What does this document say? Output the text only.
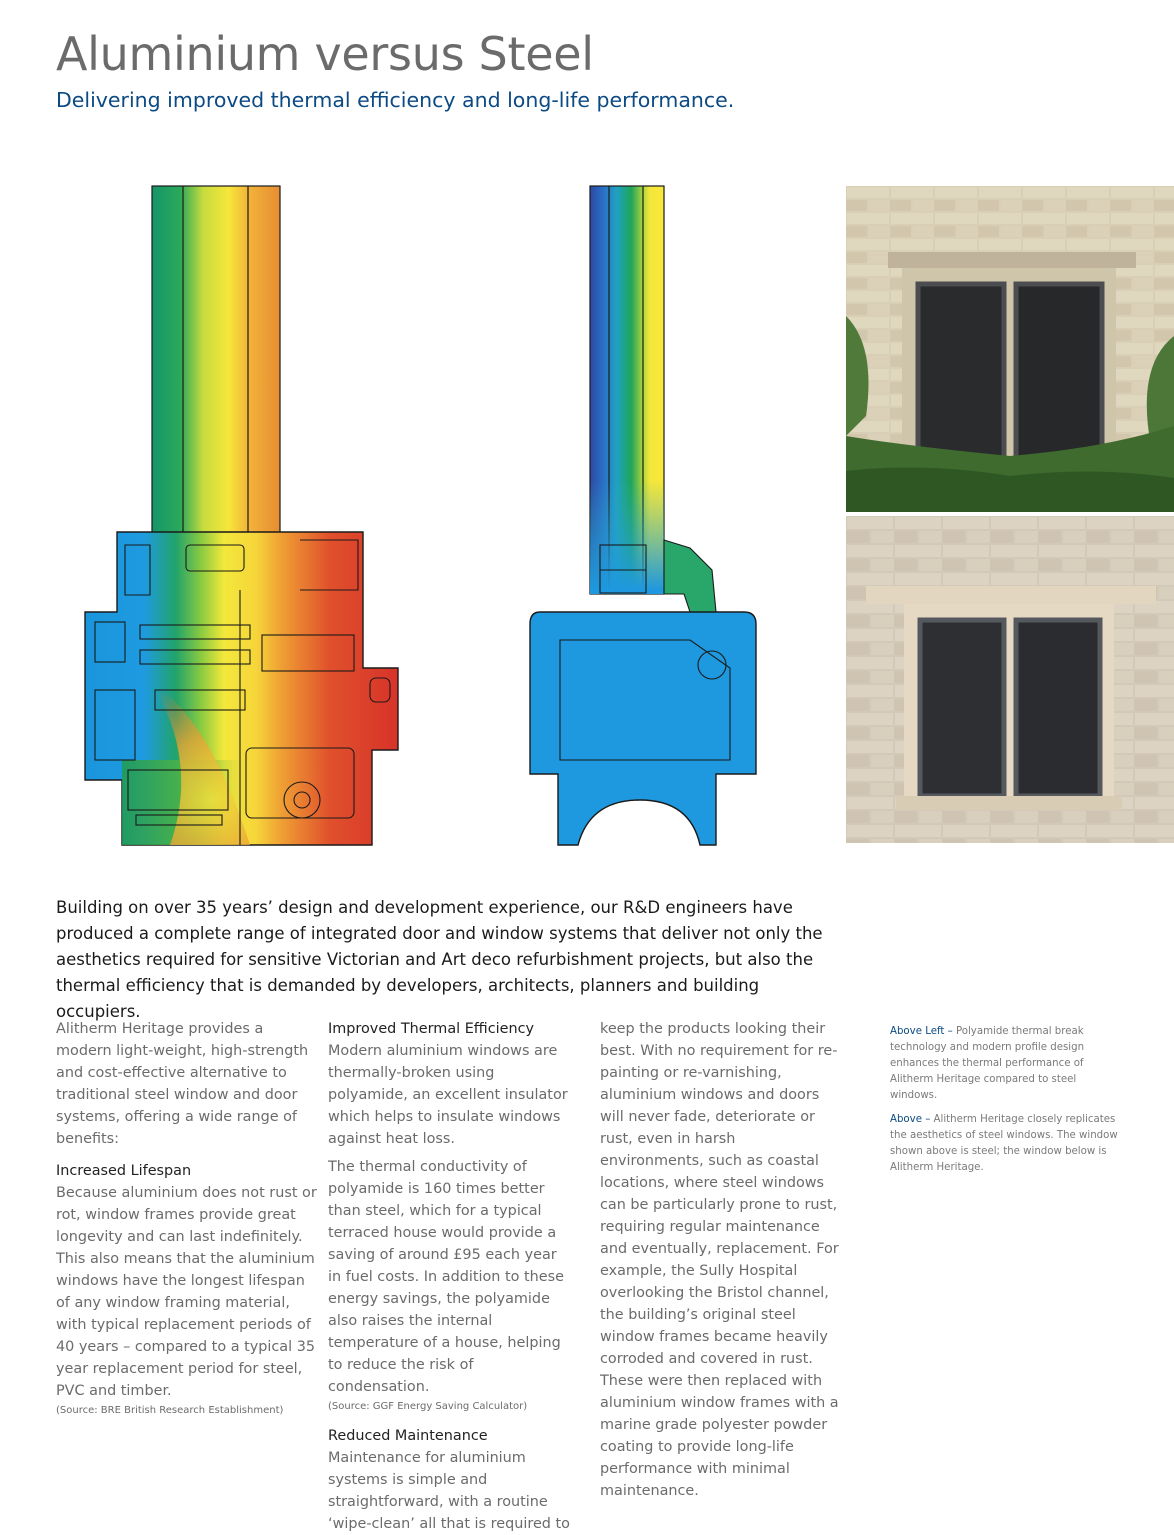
Aluminium versus Steel
Delivering improved thermal efficiency and long-life performance.

Building on over 35 years’ design and development experience, our R&D engineers have produced a complete range of integrated door and window systems that deliver not only the aesthetics required for sensitive Victorian and Art deco refurbishment projects, but also the thermal efficiency that is demanded by developers, architects, planners and building occupiers.

Alitherm Heritage provides a modern light-weight, high-strength and cost-effective alternative to traditional steel window and door systems, offering a wide range of benefits:

Increased Lifespan

Because aluminium does not rust or rot, window frames provide great longevity and can last indefinitely. This also means that the aluminium windows have the longest lifespan of any window framing material, with typical replacement periods of 40 years – compared to a typical 35 year replacement period for steel, PVC and timber.

(Source: BRE British Research Establishment)
Improved Thermal Efficiency

Modern aluminium windows are thermally-broken using polyamide, an excellent insulator which helps to insulate windows against heat loss.

The thermal conductivity of polyamide is 160 times better than steel, which for a typical terraced house would provide a saving of around £95 each year in fuel costs. In addition to these energy savings, the polyamide also raises the internal temperature of a house, helping to reduce the risk of condensation.

(Source: GGF Energy Saving Calculator)
Reduced Maintenance

Maintenance for aluminium systems is simple and straightforward, with a routine ‘wipe-clean’ all that is required to

keep the products looking their best. With no requirement for re-painting or re-varnishing, aluminium windows and doors will never fade, deteriorate or rust, even in harsh environments, such as coastal locations, where steel windows can be particularly prone to rust, requiring regular maintenance and eventually, replacement. For example, the Sully Hospital overlooking the Bristol channel, the building’s original steel window frames became heavily corroded and covered in rust. These were then replaced with aluminium window frames with a marine grade polyester powder coating to provide long-life performance with minimal maintenance.

Above Left – Polyamide thermal break technology and modern profile design enhances the thermal performance of Alitherm Heritage compared to steel windows.

Above – Alitherm Heritage closely replicates the aesthetics of steel windows. The window shown above is steel; the window below is Alitherm Heritage.
